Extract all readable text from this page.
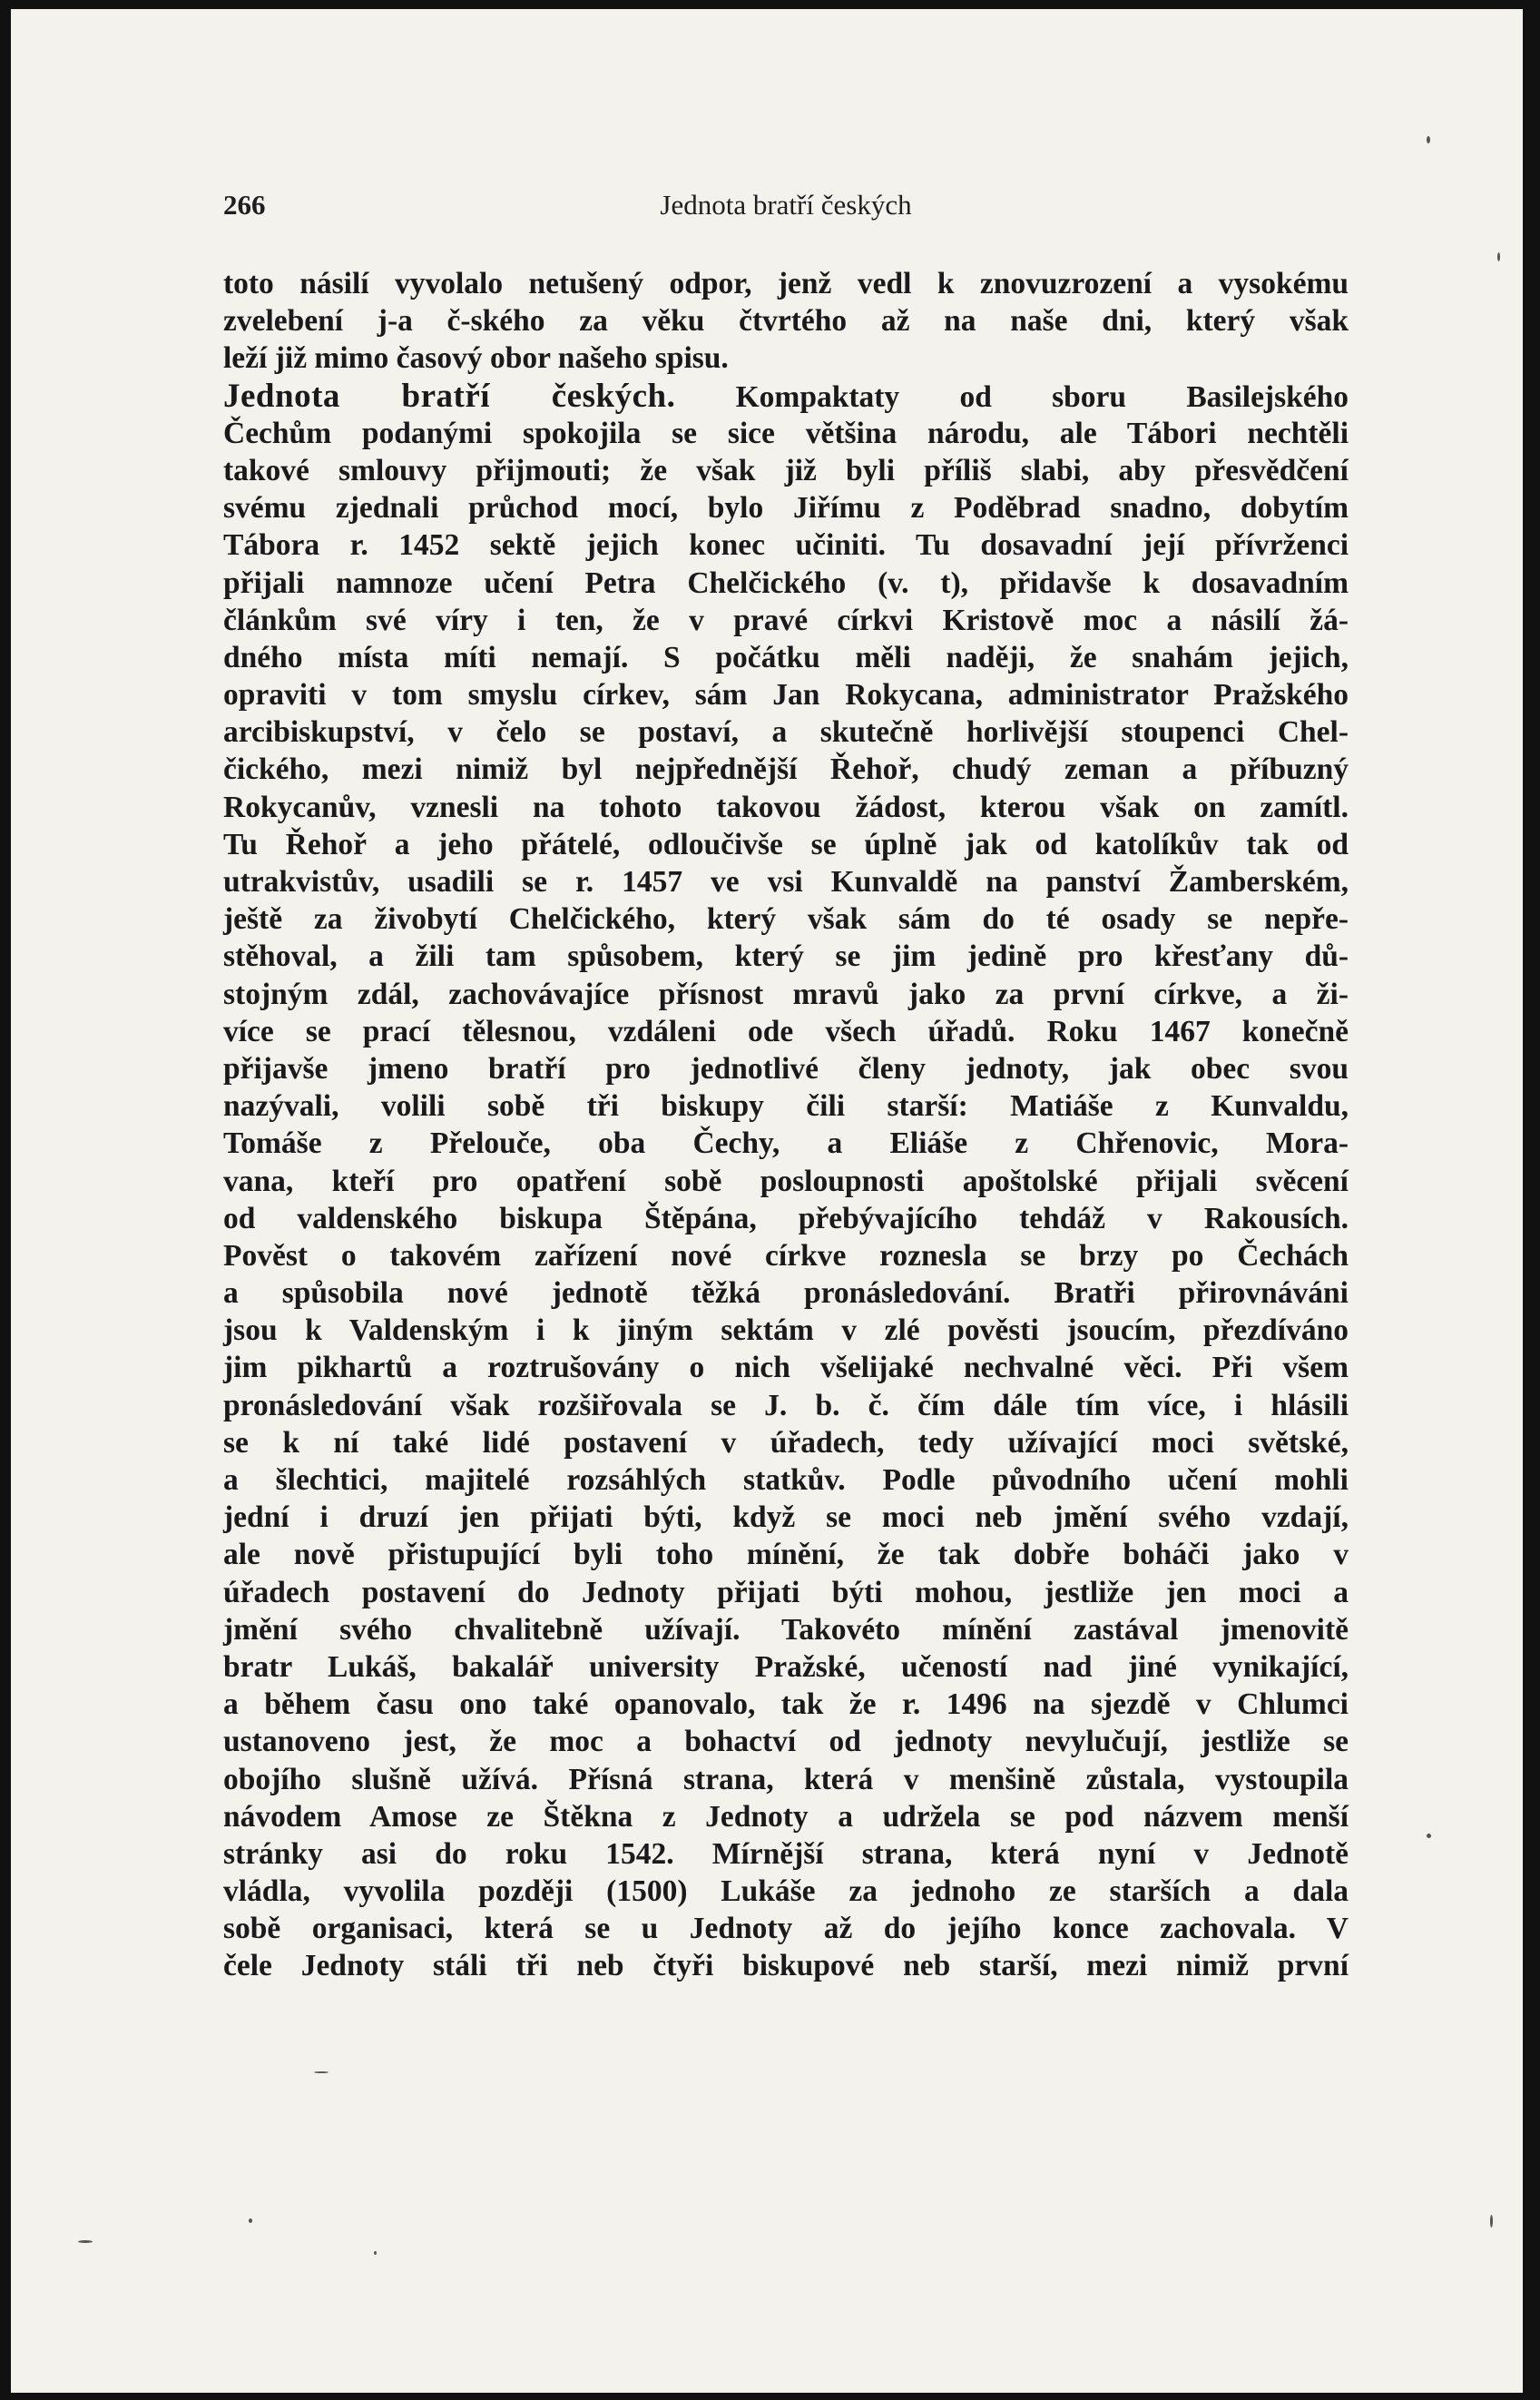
266	Jednota bratří českých
toto násilí vyvolalo netušený odpor, jenž vedl k znovuzrození a vysokému
zvelebení j-a č-ského za věku čtvrtého až na naše dni, který však
leží již mimo časový obor našeho spisu.
Jednota bratří českých. Kompaktaty od sboru Basilejského
Čechům podanými spokojila se sice většina národu, ale Tábori nechtěli
takové smlouvy přijmouti; že však již byli příliš slabi, aby přesvědčení
svému zjednali průchod mocí, bylo Jiřímu z Poděbrad snadno, dobytím
Tábora r. 1452 sektě jejich konec učiniti. Tu dosavadní její přívrženci
přijali namnoze učení Petra Chelčického (v. t), přidavše k dosavadním
článkům své víry i ten, že v pravé církvi Kristově moc a násilí žá-
dného místa míti nemají. S počátku měli naději, že snahám jejich,
opraviti v tom smyslu církev, sám Jan Rokycana, administrator Pražského
arcibiskupství, v čelo se postaví, a skutečně horlivější stoupenci Chel-
čického, mezi nimiž byl nejpřednější Řehoř, chudý zeman a příbuzný
Rokycanův, vznesli na tohoto takovou žádost, kterou však on zamítl.
Tu Řehoř a jeho přátelé, odloučivše se úplně jak od katolíkův tak od
utrakvistův, usadili se r. 1457 ve vsi Kunvaldě na panství Žamberském,
ještě za živobytí Chelčického, který však sám do té osady se nepře-
stěhoval, a žili tam spůsobem, který se jim jedině pro křesťany dů-
stojným zdál, zachovávajíce přísnost mravů jako za první církve, a ži-
více se prací tělesnou, vzdáleni ode všech úřadů. Roku 1467 konečně
přijavše jmeno bratří pro jednotlivé členy jednoty, jak obec svou
nazývali, volili sobě tři biskupy čili starší: Matiáše z Kunvaldu,
Tomáše z Přelouče, oba Čechy, a Eliáše z Chřenovic, Mora-
vana, kteří pro opatření sobě posloupnosti apoštolské přijali svěcení
od valdenského biskupa Štěpána, přebývajícího tehdáž v Rakousích.
Pověst o takovém zařízení nové církve roznesla se brzy po Čechách
a spůsobila nové jednotě těžká pronásledování. Bratři přirovnáváni
jsou k Valdenským i k jiným sektám v zlé pověsti jsoucím, přezdíváno
jim pikhartů a roztrušovány o nich všelijaké nechvalné věci. Při všem
pronásledování však rozšiřovala se J. b. č. čím dále tím více, i hlásili
se k ní také lidé postavení v úřadech, tedy užívající moci světské,
a šlechtici, majitelé rozsáhlých statkův. Podle původního učení mohli
jední i druzí jen přijati býti, když se moci neb jmění svého vzdají,
ale nově přistupující byli toho mínění, že tak dobře boháči jako v
úřadech postavení do Jednoty přijati býti mohou, jestliže jen moci a
jmění svého chvalitebně užívají. Takovéto mínění zastával jmenovitě
bratr Lukáš, bakalář university Pražské, učeností nad jiné vynikající,
a během času ono také opanovalo, tak že r. 1496 na sjezdě v Chlumci
ustanoveno jest, že moc a bohactví od jednoty nevylučují, jestliže se
obojího slušně užívá. Přísná strana, která v menšině zůstala, vystoupila
návodem Amose ze Štěkna z Jednoty a udržela se pod názvem menší
stránky asi do roku 1542. Mírnější strana, která nyní v Jednotě
vládla, vyvolila později (1500) Lukáše za jednoho ze starších a dala
sobě organisaci, která se u Jednoty až do jejího konce zachovala. V
čele Jednoty stáli tři neb čtyři biskupové neb starší, mezi nimiž první
